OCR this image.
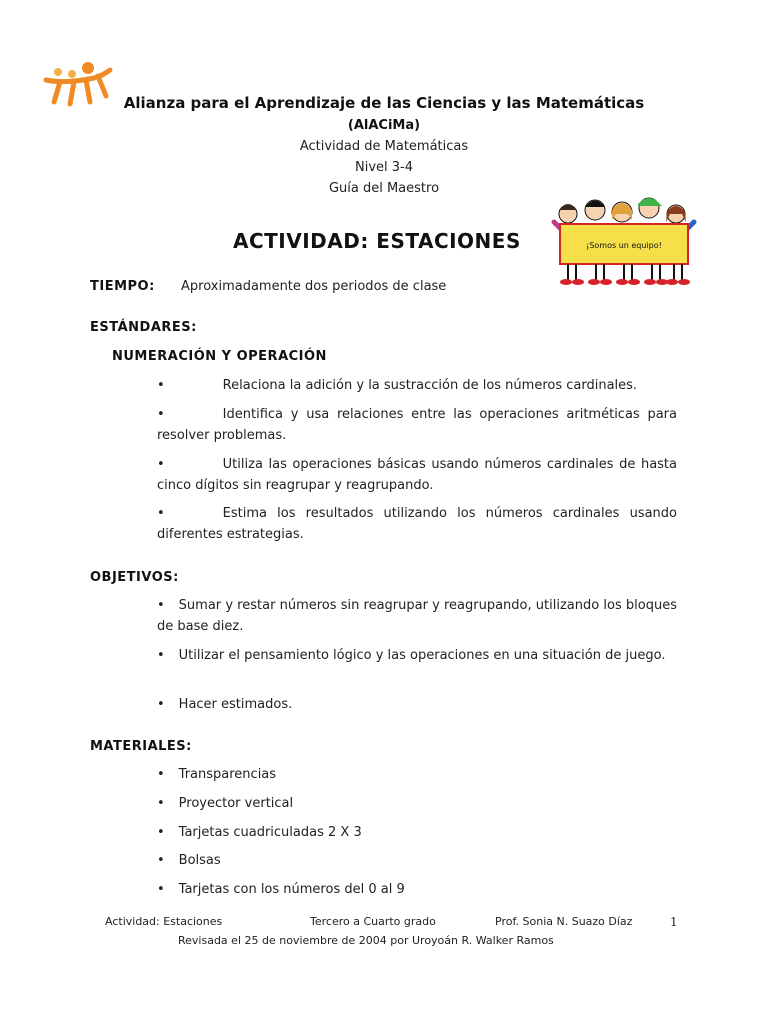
Alianza para el Aprendizaje de las Ciencias y las Matemáticas
(AlACiMa)
Actividad de Matemáticas
Nivel 3-4
Guía del Maestro
ACTIVIDAD: ESTACIONES	¡Somos un equipo!
TIEMPO: Aproximadamente dos periodos de clase
ESTÁNDARES:
NUMERACIÓN Y OPERACIÓN
•	Relaciona la adición y la sustracción de los números cardinales.
•	Identifica y usa relaciones entre las operaciones aritméticas para resolver problemas.
•	Utiliza las operaciones básicas usando números cardinales de hasta cinco dígitos sin reagrupar y reagrupando.
•	Estima los resultados utilizando los números cardinales usando diferentes estrategias.
OBJETIVOS:
• Sumar y restar números sin reagrupar y reagrupando, utilizando los bloques de base diez.
• Utilizar el pensamiento lógico y las operaciones en una situación de juego.
• Hacer estimados.
MATERIALES:
• Transparencias
• Proyector vertical
• Tarjetas cuadriculadas 2 X 3
• Bolsas
• Tarjetas con los números del 0 al 9
Actividad: Estaciones	Tercero a Cuarto grado	Prof. Sonia N. Suazo Díaz	1
Revisada el 25 de noviembre de 2004 por Uroyoán R. Walker Ramos
